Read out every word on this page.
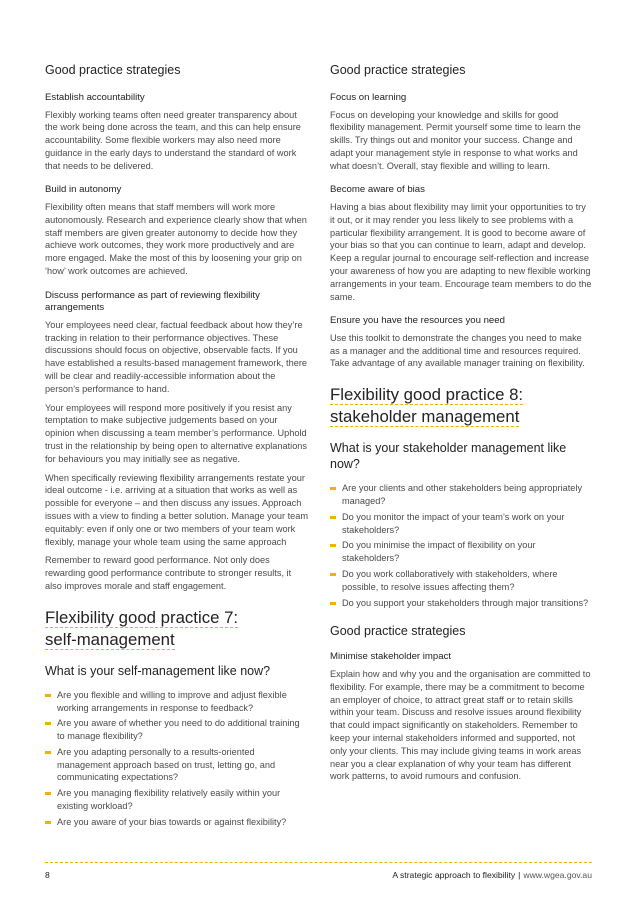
Good practice strategies
Establish accountability

Flexibly working teams often need greater transparency about the work being done across the team, and this can help ensure accountability. Some flexible workers may also need more guidance in the early days to understand the standard of work that needs to be delivered.

Build in autonomy

Flexibility often means that staff members will work more autonomously. Research and experience clearly show that when staff members are given greater autonomy to decide how they achieve work outcomes, they work more productively and are more engaged. Make the most of this by loosening your grip on ‘how’ work outcomes are achieved.

Discuss performance as part of reviewing flexibility arrangements

Your employees need clear, factual feedback about how they’re tracking in relation to their performance objectives. These discussions should focus on objective, observable facts. If you have established a results-based management framework, there will be clear and readily-accessible information about the person’s performance to hand.

Your employees will respond more positively if you resist any temptation to make subjective judgements based on your opinion when discussing a team member’s performance. Uphold trust in the relationship by being open to alternative explanations for behaviours you may initially see as negative.

When specifically reviewing flexibility arrangements restate your ideal outcome - i.e. arriving at a situation that works as well as possible for everyone – and then discuss any issues. Approach issues with a view to finding a better solution. Manage your team equitably: even if only one or two members of your team work flexibly, manage your whole team using the same approach

Remember to reward good performance. Not only does rewarding good performance contribute to stronger results, it also improves morale and staff engagement.

Flexibility good practice 7:
self-management
What is your self-management like now?
Are you flexible and willing to improve and adjust flexible working arrangements in response to feedback?
Are you aware of whether you need to do additional training to manage flexibility?
Are you adapting personally to a results-oriented management approach based on trust, letting go, and communicating expectations?
Are you managing flexibility relatively easily within your existing workload?
Are you aware of your bias towards or against flexibility?
Good practice strategies
Focus on learning

Focus on developing your knowledge and skills for good flexibility management. Permit yourself some time to learn the skills. Try things out and monitor your success. Change and adapt your management style in response to what works and what doesn’t. Overall, stay flexible and willing to learn.

Become aware of bias

Having a bias about flexibility may limit your opportunities to try it out, or it may render you less likely to see problems with a particular flexibility arrangement. It is good to become aware of your bias so that you can continue to learn, adapt and develop. Keep a regular journal to encourage self-reflection and increase your awareness of how you are adapting to new flexible working arrangements in your team. Encourage team members to do the same.

Ensure you have the resources you need

Use this toolkit to demonstrate the changes you need to make as a manager and the additional time and resources required. Take advantage of any available manager training on flexibility.

Flexibility good practice 8:
stakeholder management
What is your stakeholder management like now?
Are your clients and other stakeholders being appropriately managed?
Do you monitor the impact of your team’s work on your stakeholders?
Do you minimise the impact of flexibility on your stakeholders?
Do you work collaboratively with stakeholders, where possible, to resolve issues affecting them?
Do you support your stakeholders through major transitions?
Good practice strategies
Minimise stakeholder impact

Explain how and why you and the organisation are committed to flexibility. For example, there may be a commitment to become an employer of choice, to attract great staff or to retain skills within your team. Discuss and resolve issues around flexibility that could impact significantly on stakeholders. Remember to keep your internal stakeholders informed and supported, not only your clients. This may include giving teams in work areas near you a clear explanation of why your team has different work patterns, to avoid rumours and confusion.

8	A strategic approach to flexibility | www.wgea.gov.au
